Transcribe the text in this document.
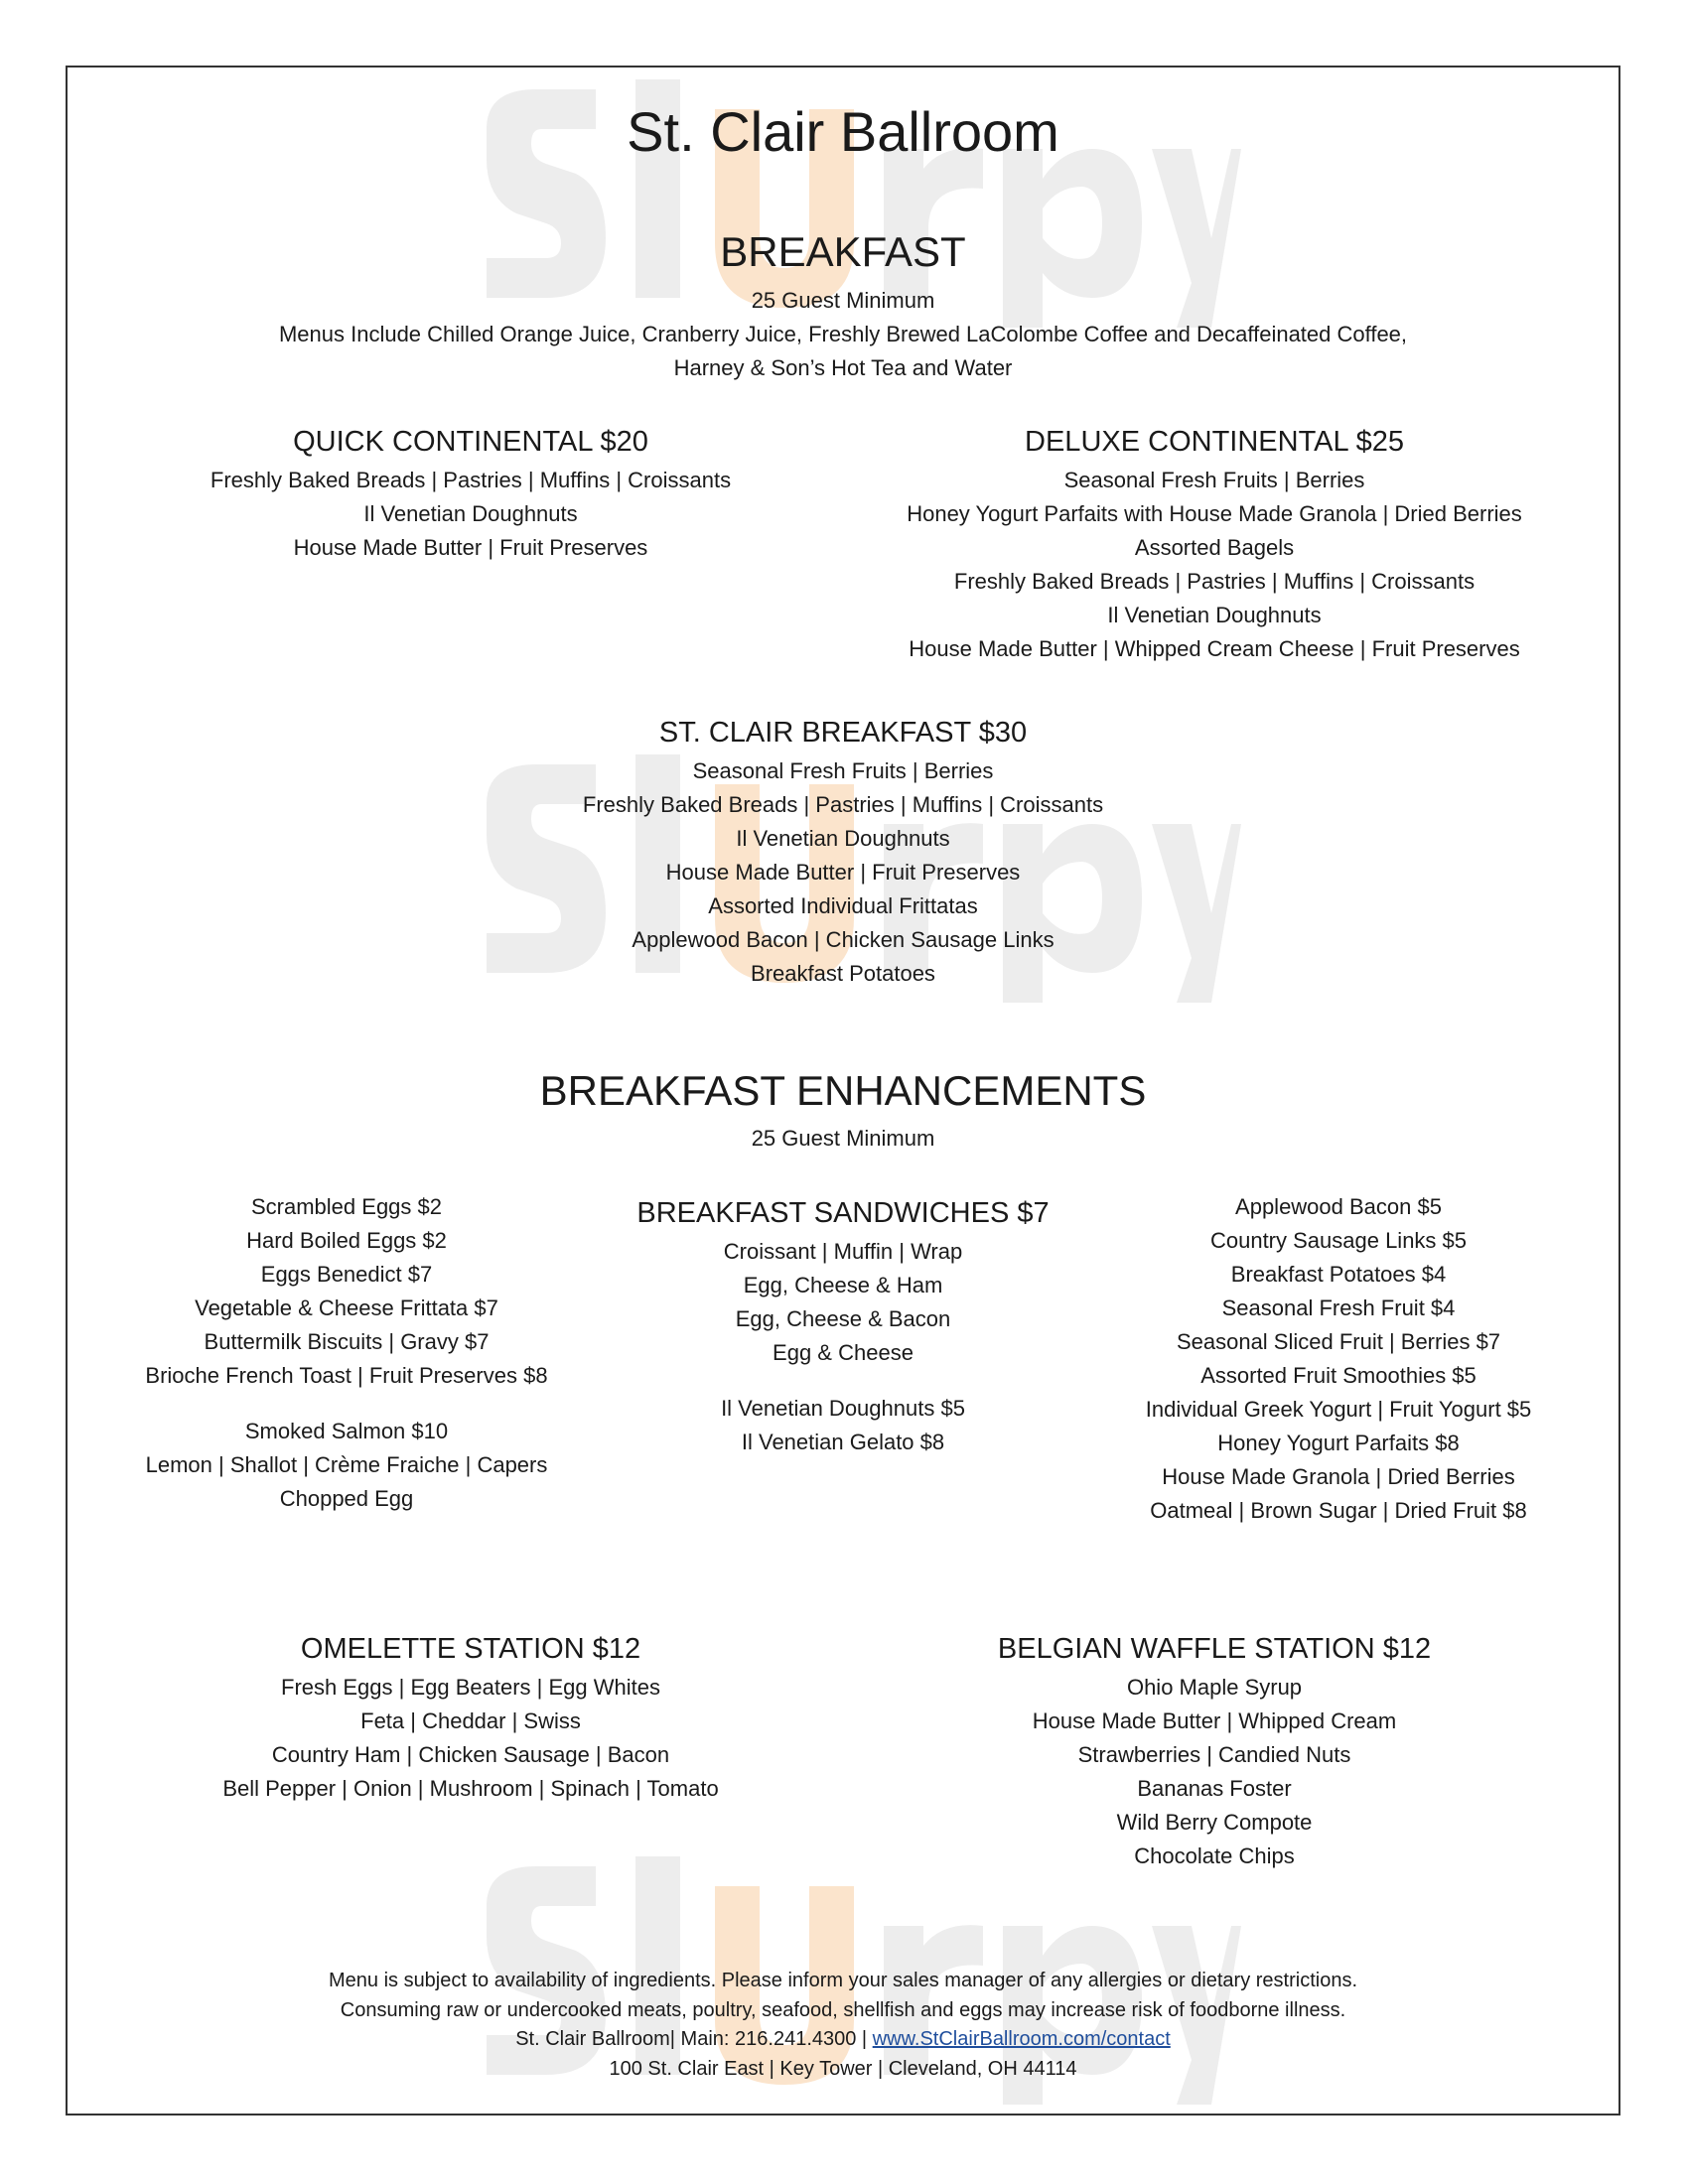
St. Clair Ballroom
BREAKFAST
25 Guest Minimum
Menus Include Chilled Orange Juice, Cranberry Juice, Freshly Brewed LaColombe Coffee and Decaffeinated Coffee,
Harney & Son’s Hot Tea and Water
QUICK CONTINENTAL $20
Freshly Baked Breads | Pastries | Muffins | Croissants
Il Venetian Doughnuts
House Made Butter | Fruit Preserves
DELUXE CONTINENTAL $25
Seasonal Fresh Fruits | Berries
Honey Yogurt Parfaits with House Made Granola | Dried Berries
Assorted Bagels
Freshly Baked Breads | Pastries | Muffins | Croissants
Il Venetian Doughnuts
House Made Butter | Whipped Cream Cheese | Fruit Preserves
ST. CLAIR BREAKFAST $30
Seasonal Fresh Fruits | Berries
Freshly Baked Breads | Pastries | Muffins | Croissants
Il Venetian Doughnuts
House Made Butter | Fruit Preserves
Assorted Individual Frittatas
Applewood Bacon | Chicken Sausage Links
Breakfast Potatoes
BREAKFAST ENHANCEMENTS
25 Guest Minimum
Scrambled Eggs $2
Hard Boiled Eggs $2
Eggs Benedict $7
Vegetable & Cheese Frittata $7
Buttermilk Biscuits | Gravy $7
Brioche French Toast | Fruit Preserves $8
Smoked Salmon $10
Lemon | Shallot | Crème Fraiche | Capers
Chopped Egg
BREAKFAST SANDWICHES $7
Croissant | Muffin | Wrap
Egg, Cheese & Ham
Egg, Cheese & Bacon
Egg & Cheese
Il Venetian Doughnuts $5
Il Venetian Gelato $8
Applewood Bacon $5
Country Sausage Links $5
Breakfast Potatoes $4
Seasonal Fresh Fruit $4
Seasonal Sliced Fruit | Berries $7
Assorted Fruit Smoothies $5
Individual Greek Yogurt | Fruit Yogurt $5
Honey Yogurt Parfaits $8
House Made Granola | Dried Berries
Oatmeal | Brown Sugar | Dried Fruit $8
OMELETTE STATION $12
Fresh Eggs | Egg Beaters | Egg Whites
Feta | Cheddar | Swiss
Country Ham | Chicken Sausage | Bacon
Bell Pepper | Onion | Mushroom | Spinach | Tomato
BELGIAN WAFFLE STATION $12
Ohio Maple Syrup
House Made Butter | Whipped Cream
Strawberries | Candied Nuts
Bananas Foster
Wild Berry Compote
Chocolate Chips
Menu is subject to availability of ingredients. Please inform your sales manager of any allergies or dietary restrictions.
Consuming raw or undercooked meats, poultry, seafood, shellfish and eggs may increase risk of foodborne illness.
St. Clair Ballroom| Main: 216.241.4300 | www.StClairBallroom.com/contact
100 St. Clair East | Key Tower | Cleveland, OH 44114
